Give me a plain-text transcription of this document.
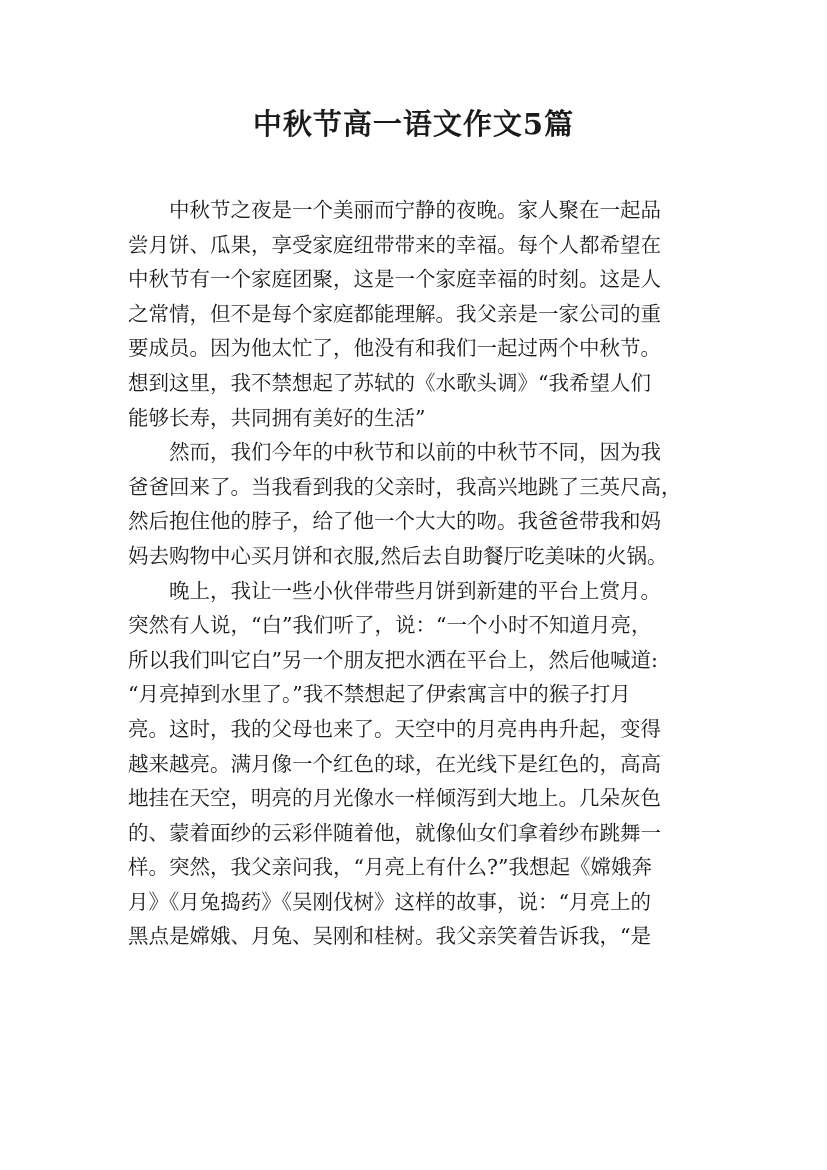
中秋节高一语文作文5篇
　　中秋节之夜是一个美丽而宁静的夜晚。家人聚在一起品
尝月饼、瓜果，享受家庭纽带带来的幸福。每个人都希望在
中秋节有一个家庭团聚，这是一个家庭幸福的时刻。这是人
之常情，但不是每个家庭都能理解。我父亲是一家公司的重
要成员。因为他太忙了，他没有和我们一起过两个中秋节。
想到这里，我不禁想起了苏轼的《水歌头调》“我希望人们
能够长寿，共同拥有美好的生活”
　　然而，我们今年的中秋节和以前的中秋节不同，因为我
爸爸回来了。当我看到我的父亲时，我高兴地跳了三英尺高，
然后抱住他的脖子，给了他一个大大的吻。我爸爸带我和妈
妈去购物中心买月饼和衣服,然后去自助餐厅吃美味的火锅。
　　晚上，我让一些小伙伴带些月饼到新建的平台上赏月。
突然有人说，“白”我们听了，说：“一个小时不知道月亮，
所以我们叫它白”另一个朋友把水洒在平台上，然后他喊道:
“月亮掉到水里了。”我不禁想起了伊索寓言中的猴子打月
亮。这时，我的父母也来了。天空中的月亮冉冉升起，变得
越来越亮。满月像一个红色的球，在光线下是红色的，高高
地挂在天空，明亮的月光像水一样倾泻到大地上。几朵灰色
的、蒙着面纱的云彩伴随着他，就像仙女们拿着纱布跳舞一
样。突然，我父亲问我，“月亮上有什么?”我想起《嫦娥奔
月》《月兔捣药》《吴刚伐树》这样的故事，说：“月亮上的
黑点是嫦娥、月兔、吴刚和桂树。我父亲笑着告诉我，“是
